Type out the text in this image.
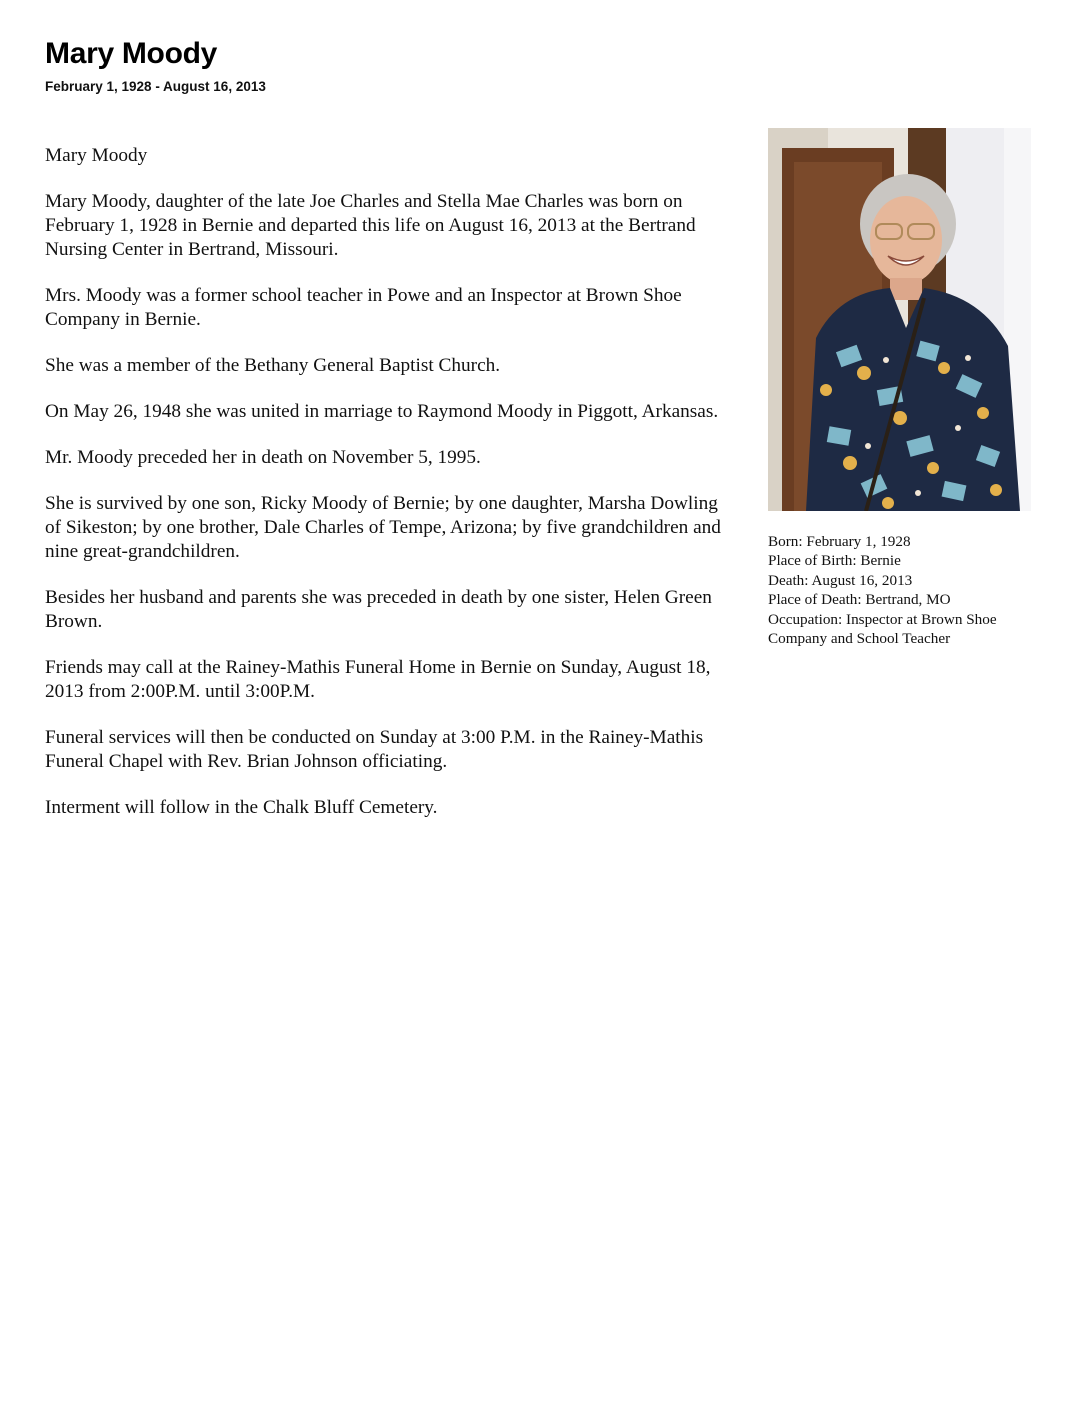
Mary Moody
February 1, 1928 - August 16, 2013

Mary Moody

Mary Moody, daughter of the late Joe Charles and Stella Mae Charles was born on February 1, 1928 in Bernie and departed this life on August 16, 2013 at the Bertrand Nursing Center in Bertrand, Missouri.

Mrs. Moody was a former school teacher in Powe and an Inspector at Brown Shoe Company in Bernie.

She was a member of the Bethany General Baptist Church.

On May 26, 1948 she was united in marriage to Raymond Moody in Piggott, Arkansas.

Mr. Moody preceded her in death on November 5, 1995.

She is survived by one son, Ricky Moody of Bernie; by one daughter, Marsha Dowling of Sikeston; by one brother, Dale Charles of Tempe, Arizona; by five grandchildren and nine great-grandchildren.

Besides her husband and parents she was preceded in death by one sister, Helen Green Brown.

Friends may call at the Rainey-Mathis Funeral Home in Bernie on Sunday, August 18, 2013 from 2:00P.M. until 3:00P.M.

Funeral services will then be conducted on Sunday at 3:00 P.M. in the Rainey-Mathis Funeral Chapel with Rev. Brian Johnson officiating.

Interment will follow in the Chalk Bluff Cemetery.

Born: February 1, 1928
Place of Birth: Bernie
Death: August 16, 2013
Place of Death: Bertrand, MO
Occupation: Inspector at Brown Shoe Company and School Teacher
